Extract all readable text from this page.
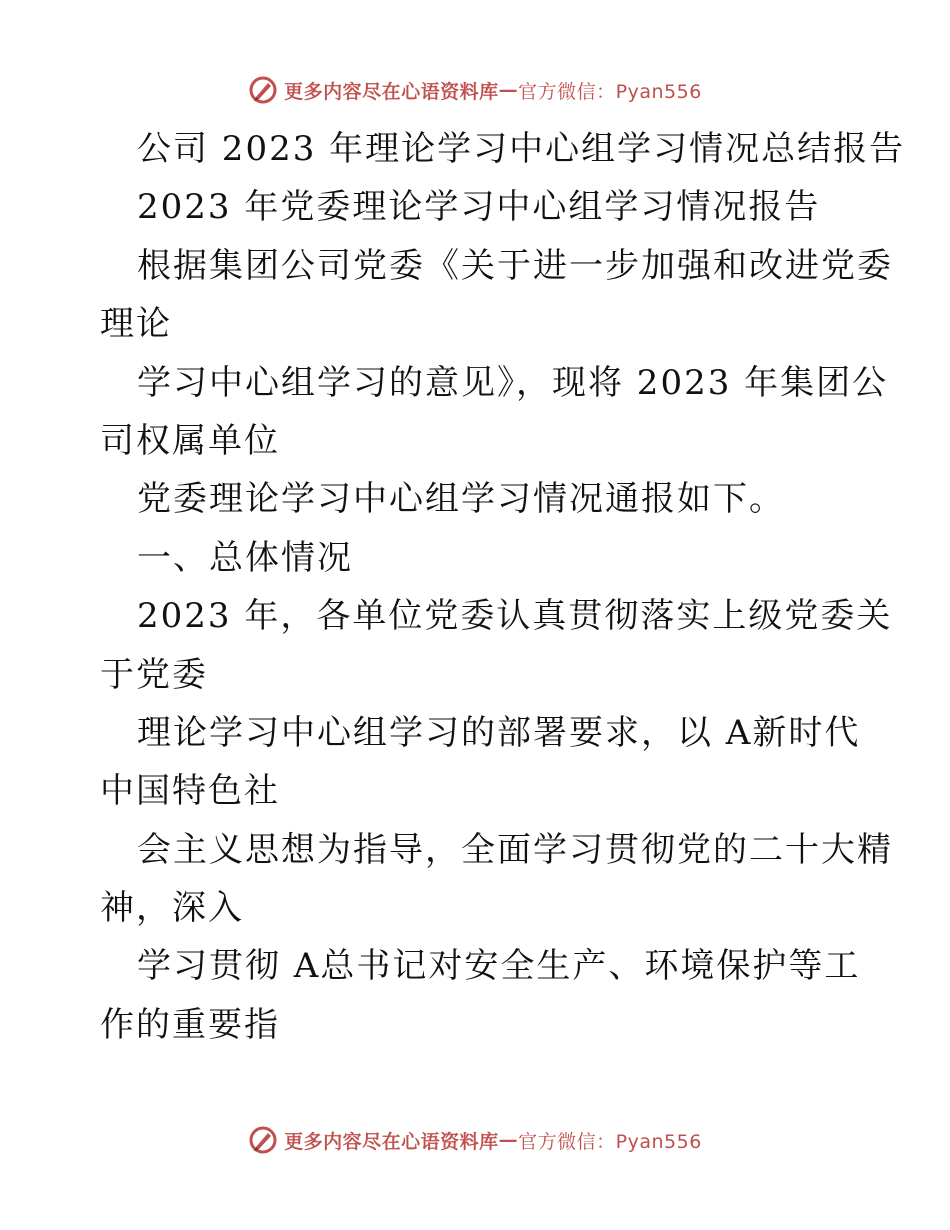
更多内容尽在心语资料库 — 官方微信：Pyan556
公司 2023 年理论学习中心组学习情况总结报告
2023 年党委理论学习中心组学习情况报告
根据集团公司党委《关于进一步加强和改进党委
理论
学习中心组学习的意见》，现将 2023 年集团公
司权属单位
党委理论学习中心组学习情况通报如下。
一、总体情况
2023 年，各单位党委认真贯彻落实上级党委关
于党委
理论学习中心组学习的部署要求，以 A新时代
中国特色社
会主义思想为指导，全面学习贯彻党的二十大精
神，深入
学习贯彻 A总书记对安全生产、环境保护等工
作的重要指
更多内容尽在心语资料库 — 官方微信：Pyan556
